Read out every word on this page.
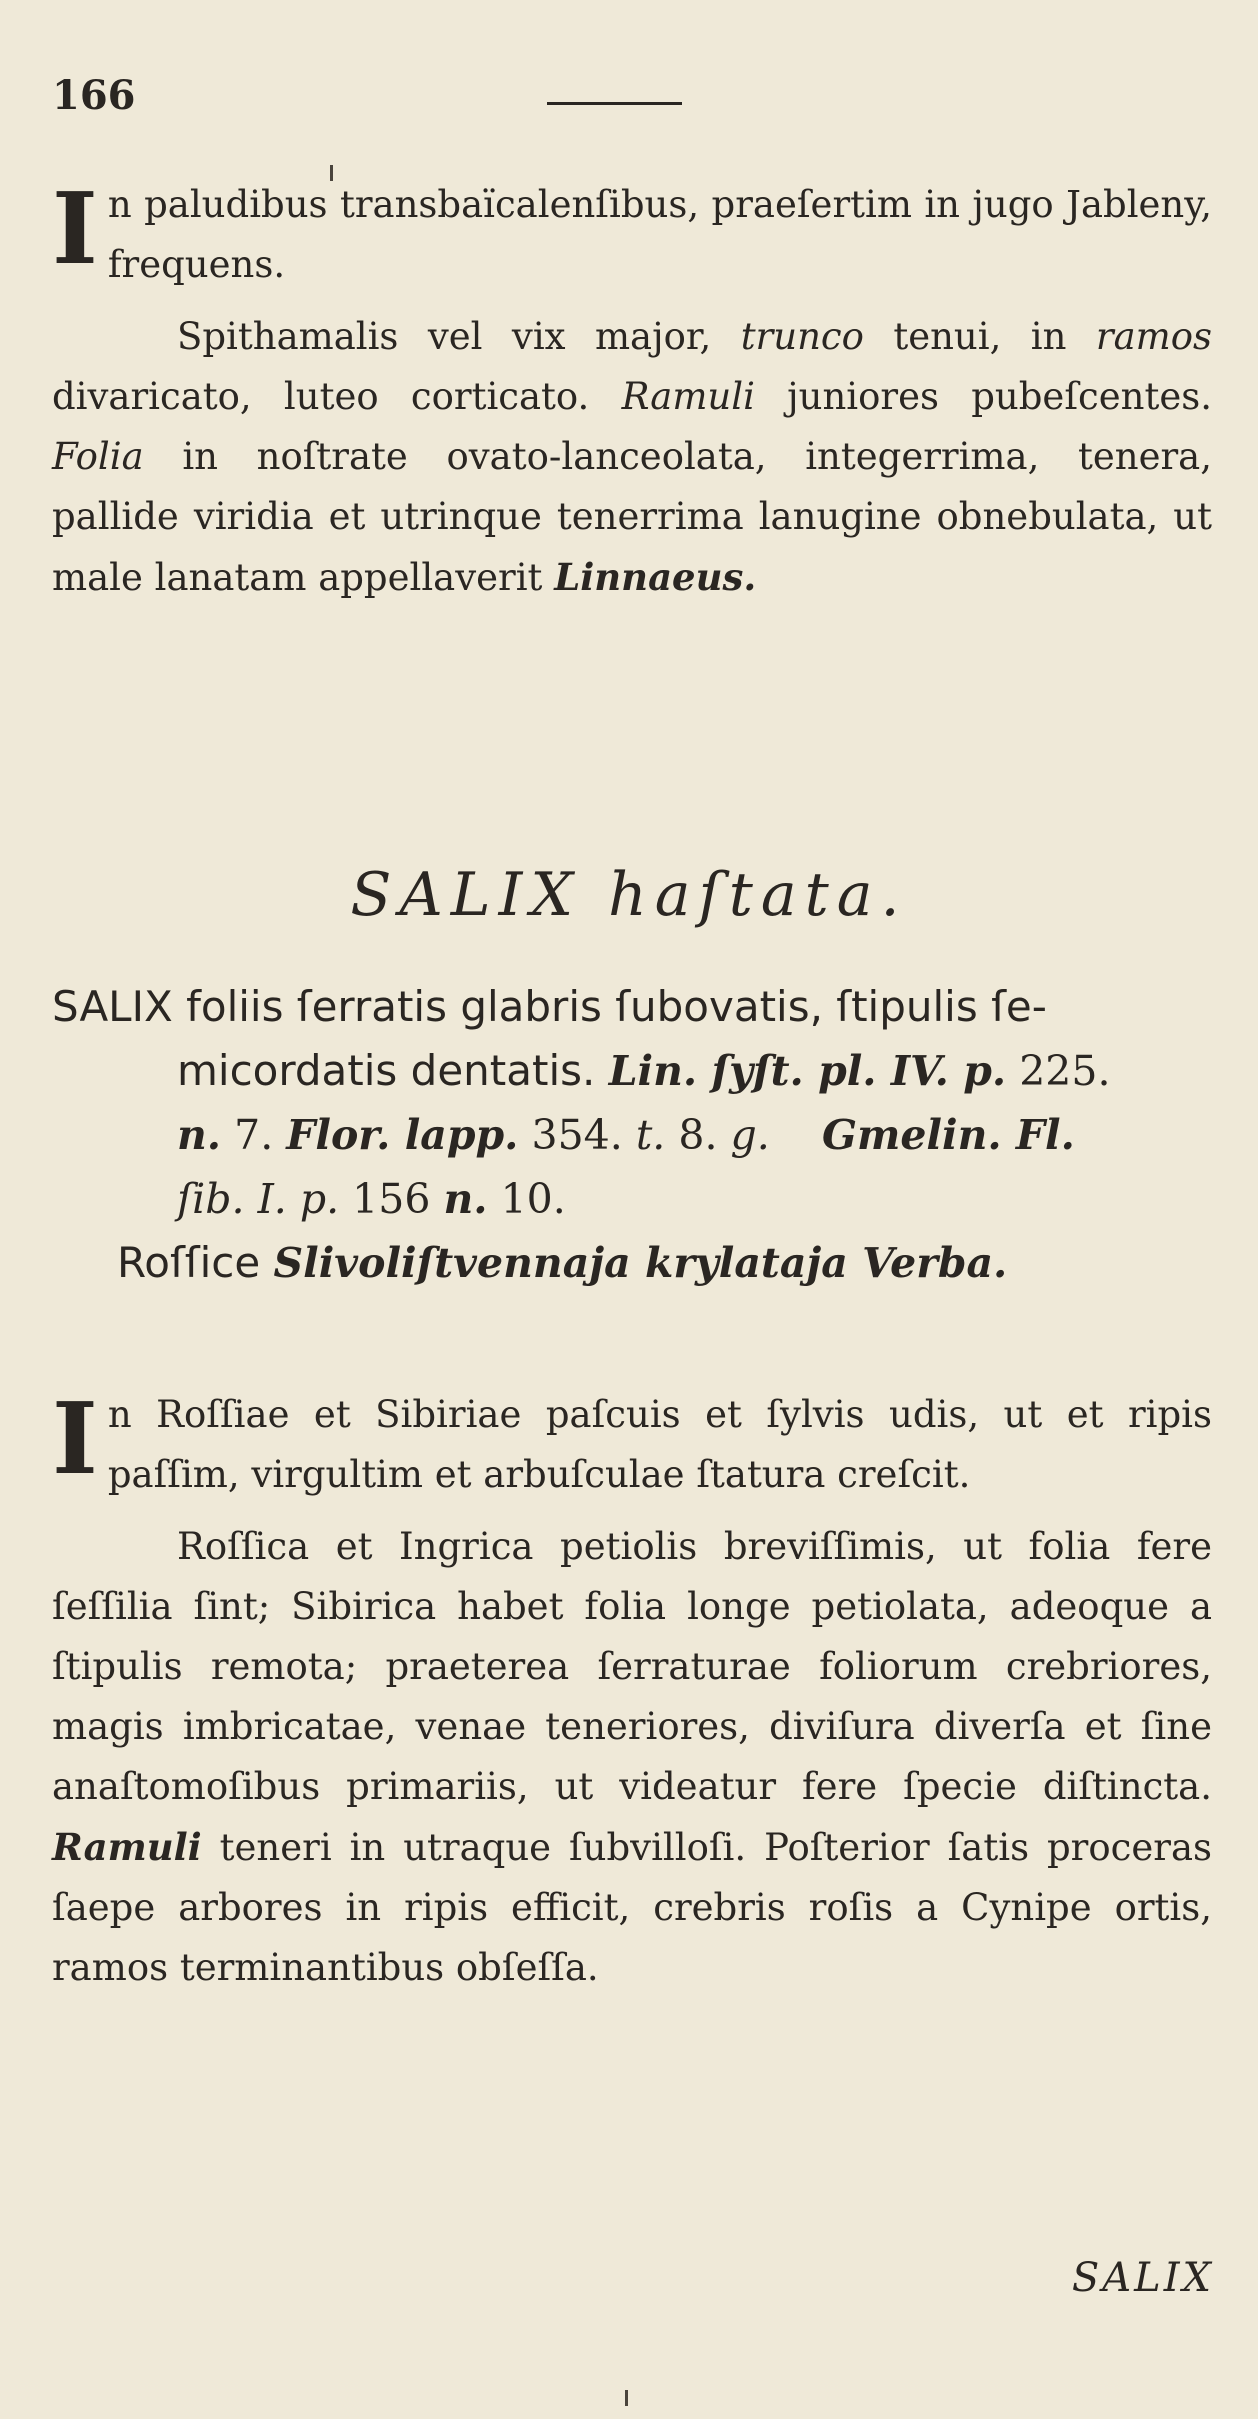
166

In paludibus transbaïcalenſibus, praeſertim in jugo Jableny, frequens.

Spithamalis vel vix major, trunco tenui, in ramos divaricato, luteo corticato. Ramuli juniores pubeſcentes. Folia in noſtrate ovato-lanceolata, integerrima, tenera, pallide viridia et utrinque tenerrima lanugine obnebulata, ut male lanatam appellaverit Linnaeus.

SALIX haſtata.
SALIX foliis ſerratis glabris ſubovatis, ſtipulis ſe-
micordatis dentatis. Lin. ſyſt. pl. IV. p. 225.
n. 7. Flor. lapp. 354. t. 8. g. Gmelin. Fl.
ſib. I. p. 156 n. 10.
Roſſice Slivoliſtvennaja krylataja Verba.

In Roſſiae et Sibiriae paſcuis et ſylvis udis, ut et ripis paſſim, virgultim et arbuſculae ſtatura creſcit.

Roſſica et Ingrica petiolis breviſſimis, ut folia fere ſeſſilia ſint; Sibirica habet folia longe petiolata, adeoque a ſtipulis remota; praeterea ſerraturae foliorum crebriores, magis imbricatae, venae teneriores, diviſura diverſa et ſine anaſtomoſibus primariis, ut videatur fere ſpecie diſtincta. Ramuli teneri in utraque ſubvilloſi. Poſterior ſatis proceras ſaepe arbores in ripis efficit, crebris roſis a Cynipe ortis, ramos terminantibus obſeſſa.

SALIX
